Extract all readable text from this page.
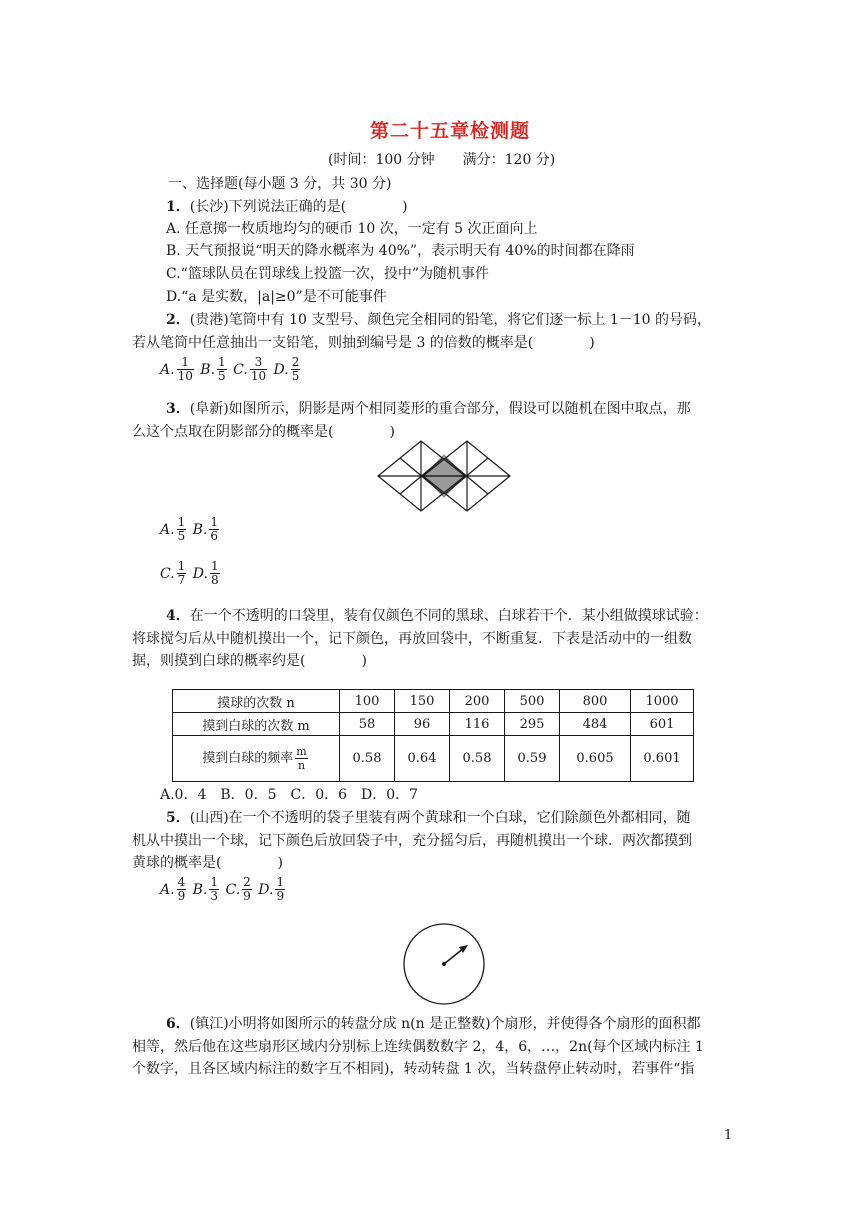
第二十五章检测题
(时间：100 分钟　　满分：120 分)
一、选择题(每小题 3 分，共 30 分)
1．(长沙)下列说法正确的是(　　　　)
A. 任意掷一枚质地均匀的硬币 10 次，一定有 5 次正面向上
B. 天气预报说“明天的降水概率为 40%”，表示明天有 40%的时间都在降雨
C.“篮球队员在罚球线上投篮一次，投中”为随机事件
D.“a 是实数，|a|≥0”是不可能事件
2．(贵港)笔筒中有 10 支型号、颜色完全相同的铅笔，将它们逐一标上 1－10 的号码，
若从笔筒中任意抽出一支铅笔，则抽到编号是 3 的倍数的概率是(　　　　)
A. $\frac{1}{10} B$. $\frac{1}{5} C$. $\frac{3}{10} D$. $\frac{2}{5}$
3．(阜新)如图所示，阴影是两个相同菱形的重合部分，假设可以随机在图中取点，那
么这个点取在阴影部分的概率是(　　　　)
A. $\frac{1}{5} B$. $\frac{1}{6}$
C. $\frac{1}{7} D$. $\frac{1}{8}$
4．在一个不透明的口袋里，装有仅颜色不同的黑球、白球若干个．某小组做摸球试验：
将球搅匀后从中随机摸出一个，记下颜色，再放回袋中，不断重复．下表是活动中的一组数
据，则摸到白球的概率约是(　　　　)
摸球的次数 n	100	150	200	500	800	1000
摸到白球的次数 m	58	96	116	295	484	601
摸到白球的频率 $\frac{m}{n}$	0.58	0.64	0.58	0.59	0.605	0.601
A.0．4　B．0．5　C．0．6　D．0．7
5．(山西)在一个不透明的袋子里装有两个黄球和一个白球，它们除颜色外都相同，随
机从中摸出一个球，记下颜色后放回袋子中，充分摇匀后，再随机摸出一个球．两次都摸到
黄球的概率是(　　　　)
A. $\frac{4}{9} B$. $\frac{1}{3} C$. $\frac{2}{9} D$. $\frac{1}{9}$
6．(镇江)小明将如图所示的转盘分成 n(n 是正整数)个扇形，并使得各个扇形的面积都
相等，然后他在这些扇形区域内分别标上连续偶数数字 2，4，6，…，2n(每个区域内标注 1
个数字，且各区域内标注的数字互不相同)，转动转盘 1 次，当转盘停止转动时，若事件“指
1
